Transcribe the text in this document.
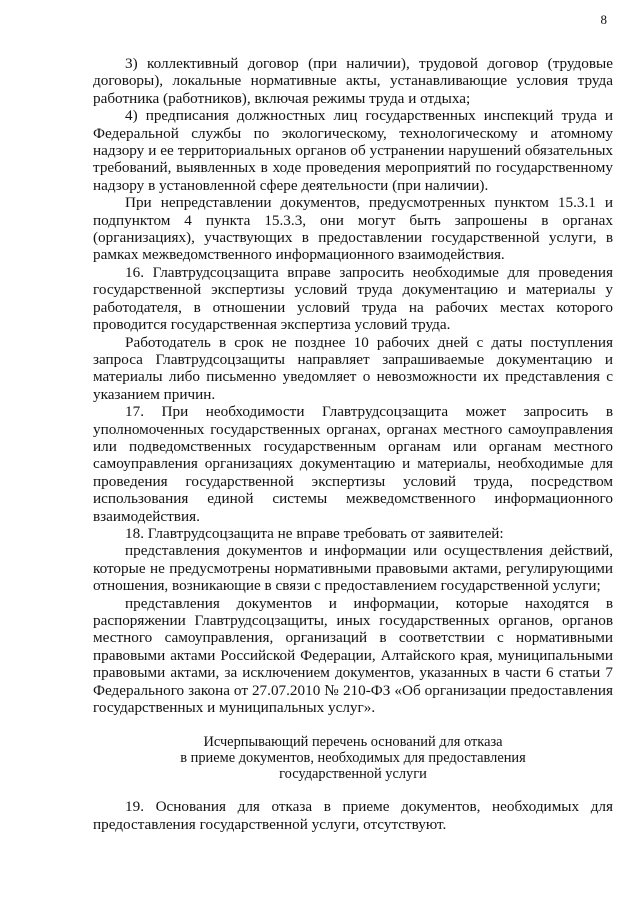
8

3) коллективный договор (при наличии), трудовой договор (трудовые договоры), локальные нормативные акты, устанавливающие условия труда работника (работников), включая режимы труда и отдыха;

4) предписания должностных лиц государственных инспекций труда и Федеральной службы по экологическому, технологическому и атомному надзору и ее территориальных органов об устранении нарушений обязательных требований, выявленных в ходе проведения мероприятий по государственному надзору в установленной сфере деятельности (при наличии).

При непредставлении документов, предусмотренных пунктом 15.3.1 и подпунктом 4 пункта 15.3.3, они могут быть запрошены в органах (организациях), участвующих в предоставлении государственной услуги, в рамках межведомственного информационного взаимодействия.

16. Главтрудсоцзащита вправе запросить необходимые для проведения государственной экспертизы условий труда документацию и материалы у работодателя, в отношении условий труда на рабочих местах которого проводится государственная экспертиза условий труда.

Работодатель в срок не позднее 10 рабочих дней с даты поступления запроса Главтрудсоцзащиты направляет запрашиваемые документацию и материалы либо письменно уведомляет о невозможности их представления с указанием причин.

17. При необходимости Главтрудсоцзащита может запросить в уполномоченных государственных органах, органах местного самоуправления или подведомственных государственным органам или органам местного самоуправления организациях документацию и материалы, необходимые для проведения государственной экспертизы условий труда, посредством использования единой системы межведомственного информационного взаимодействия.

18. Главтрудсоцзащита не вправе требовать от заявителей:

представления документов и информации или осуществления действий, которые не предусмотрены нормативными правовыми актами, регулирующими отношения, возникающие в связи с предоставлением государственной услуги;

представления документов и информации, которые находятся в распоряжении Главтрудсоцзащиты, иных государственных органов, органов местного самоуправления, организаций в соответствии с нормативными правовыми актами Российской Федерации, Алтайского края, муниципальными правовыми актами, за исключением документов, указанных в части 6 статьи 7 Федерального закона от 27.07.2010 № 210-ФЗ «Об организации предоставления государственных и муниципальных услуг».

Исчерпывающий перечень оснований для отказа
в приеме документов, необходимых для предоставления
государственной услуги

19. Основания для отказа в приеме документов, необходимых для предоставления государственной услуги, отсутствуют.
